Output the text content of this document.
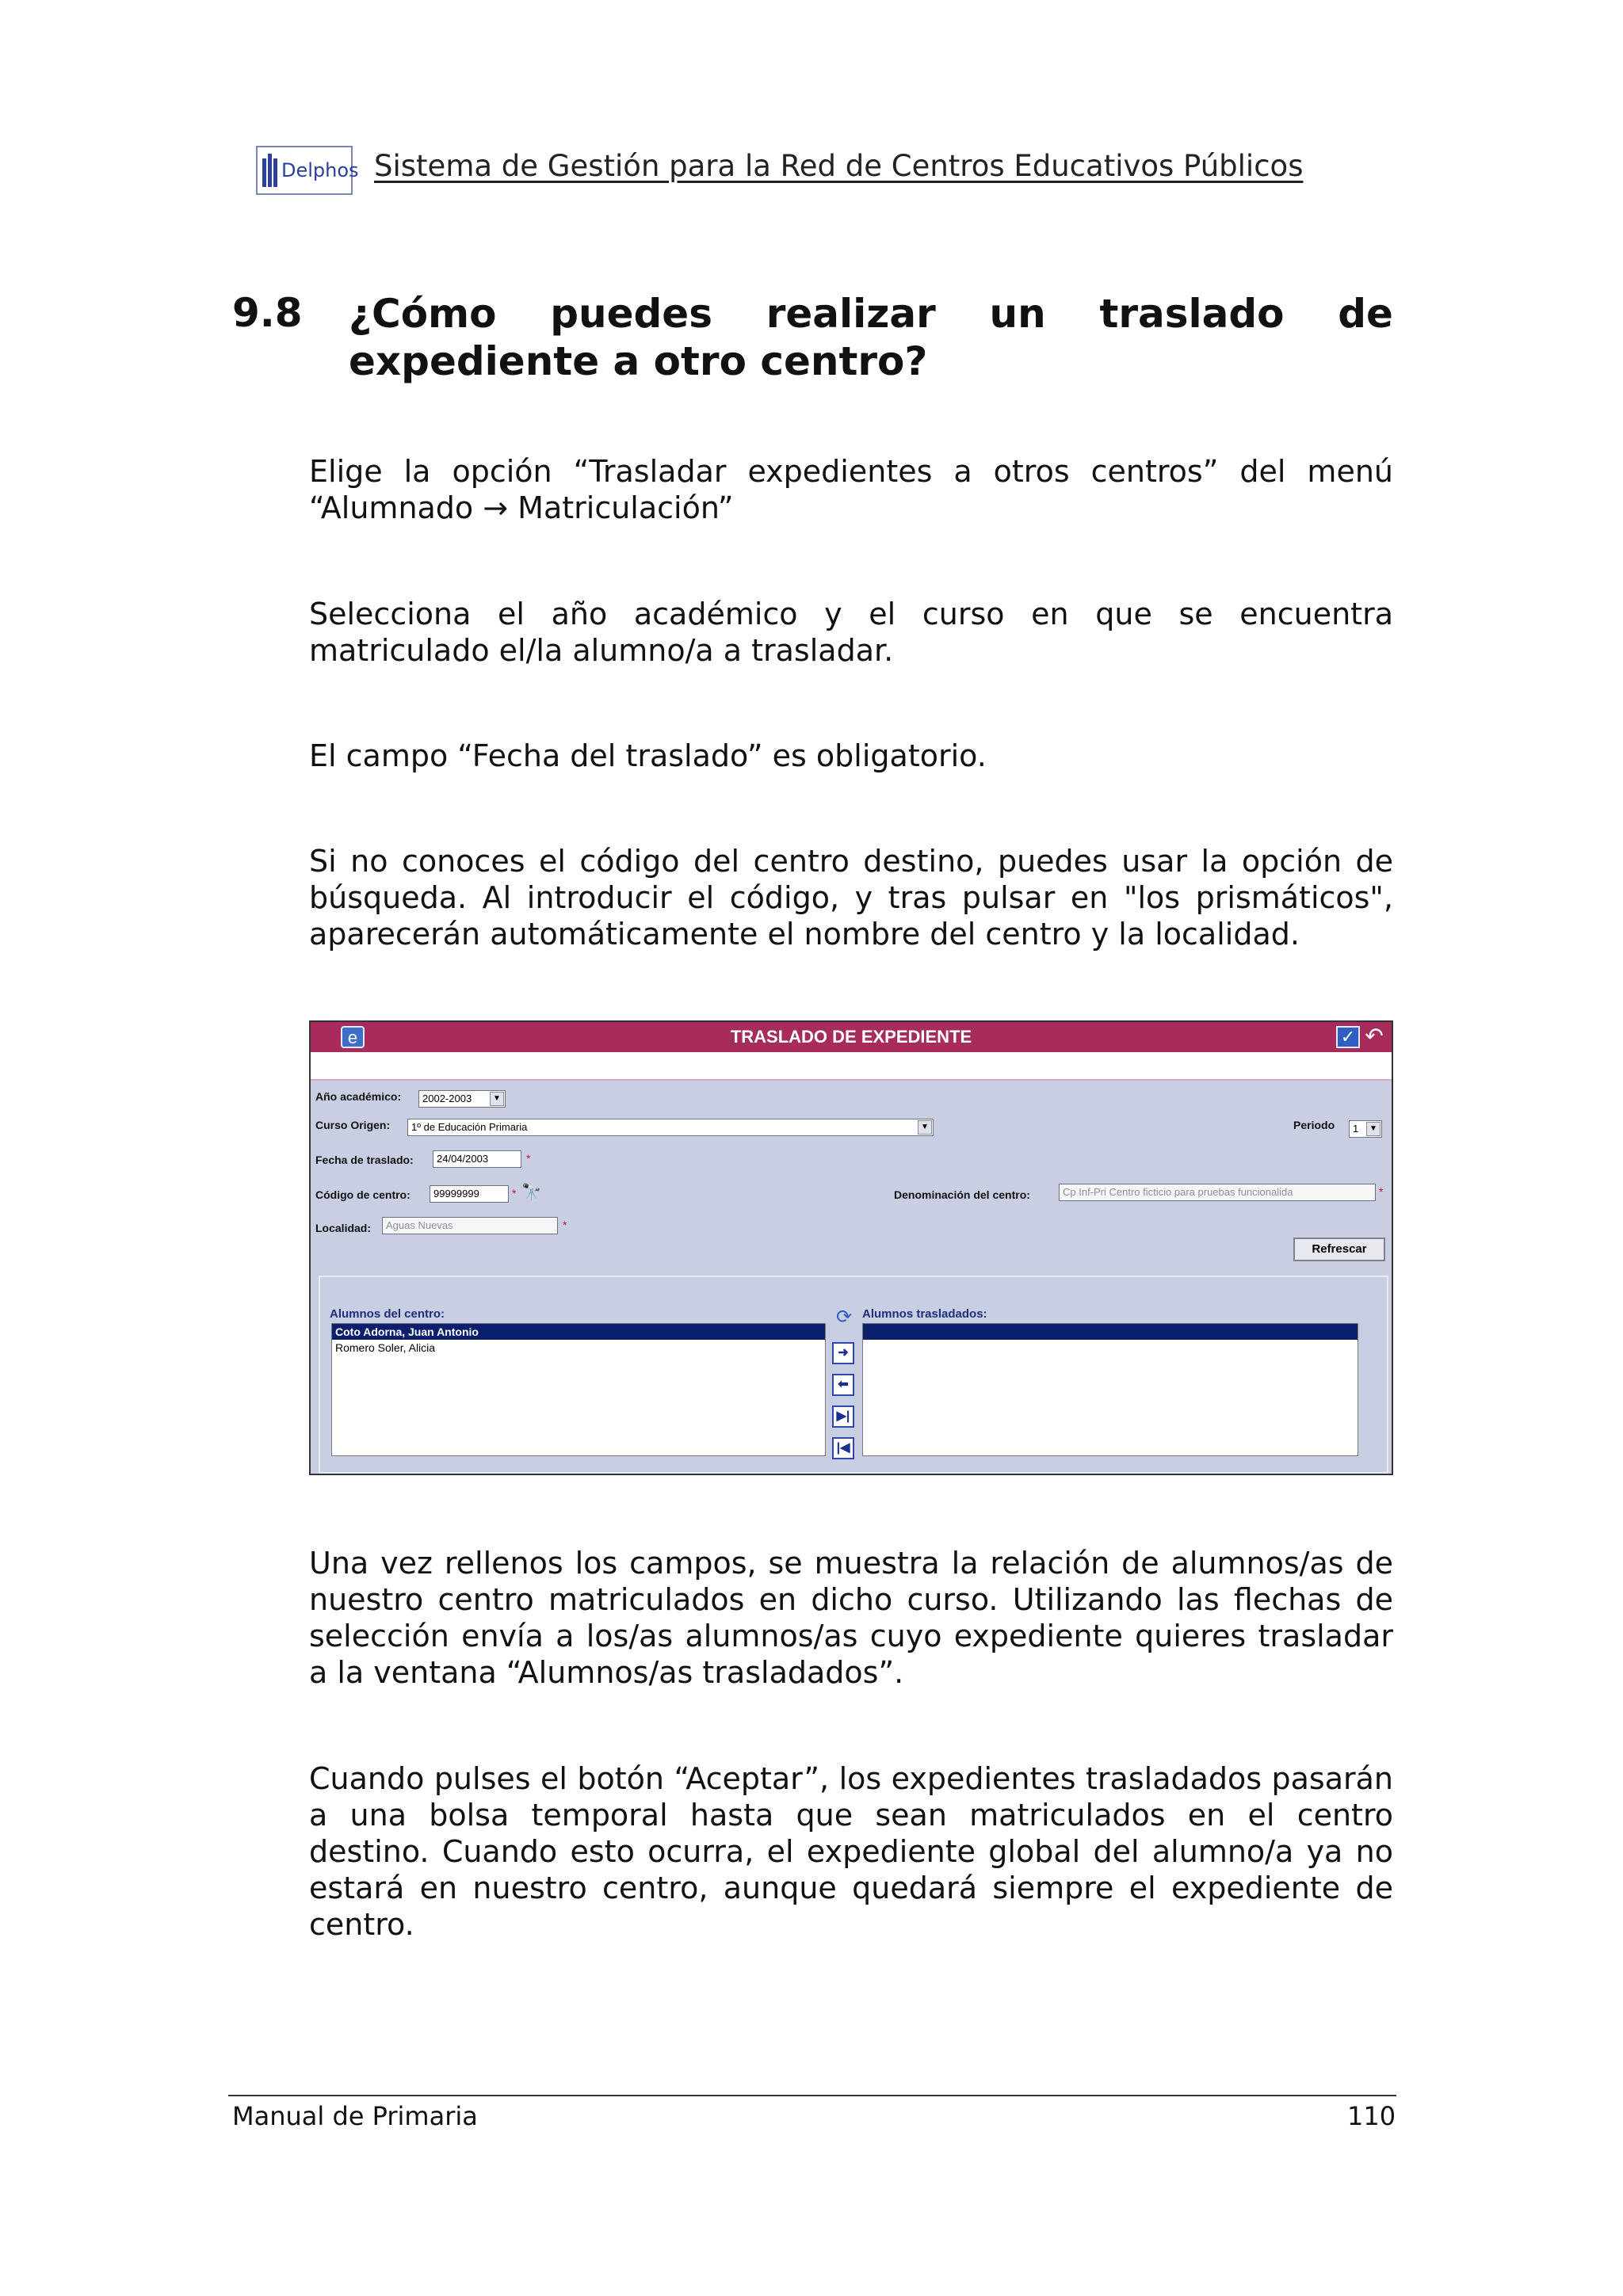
Delphos Sistema de Gestión para la Red de Centros Educativos Públicos
9.8 ¿Cómo puedes realizar un traslado de
expediente a otro centro?
Elige la opción “Trasladar expedientes a otros centros” del menú “Alumnado → Matriculación”
Selecciona el año académico y el curso en que se encuentra matriculado el/la alumno/a a trasladar.
El campo “Fecha del traslado” es obligatorio.
Si no conoces el código del centro destino, puedes usar la opción de búsqueda. Al introducir el código, y tras pulsar en "los prismáticos", aparecerán automáticamente el nombre del centro y la localidad.
e	TRASLADO DE EXPEDIENTE	✓ ↶
Año académico:	2002-2003	▼
Curso Origen:	1º de Educación Primaria	▼	Periodo	1	▼
Fecha de traslado:	24/04/2003	*
Código de centro:	99999999	* 🔭	Denominación del centro:	Cp Inf-Pri Centro ficticio para pruebas funcionalida	*
Localidad:	Aguas Nuevas	*
Refrescar
Alumnos del centro:
Coto Adorna, Juan Antonio
Romero Soler, Alicia
⟳
➜
⬅
▶|
|◀
Alumnos trasladados:
Una vez rellenos los campos, se muestra la relación de alumnos/as de nuestro centro matriculados en dicho curso. Utilizando las flechas de selección envía a los/as alumnos/as cuyo expediente quieres trasladar a la ventana “Alumnos/as trasladados”.
Cuando pulses el botón “Aceptar”, los expedientes trasladados pasarán a una bolsa temporal hasta que sean matriculados en el centro destino. Cuando esto ocurra, el expediente global del alumno/a ya no estará en nuestro centro, aunque quedará siempre el expediente de centro.
Manual de Primaria	110
